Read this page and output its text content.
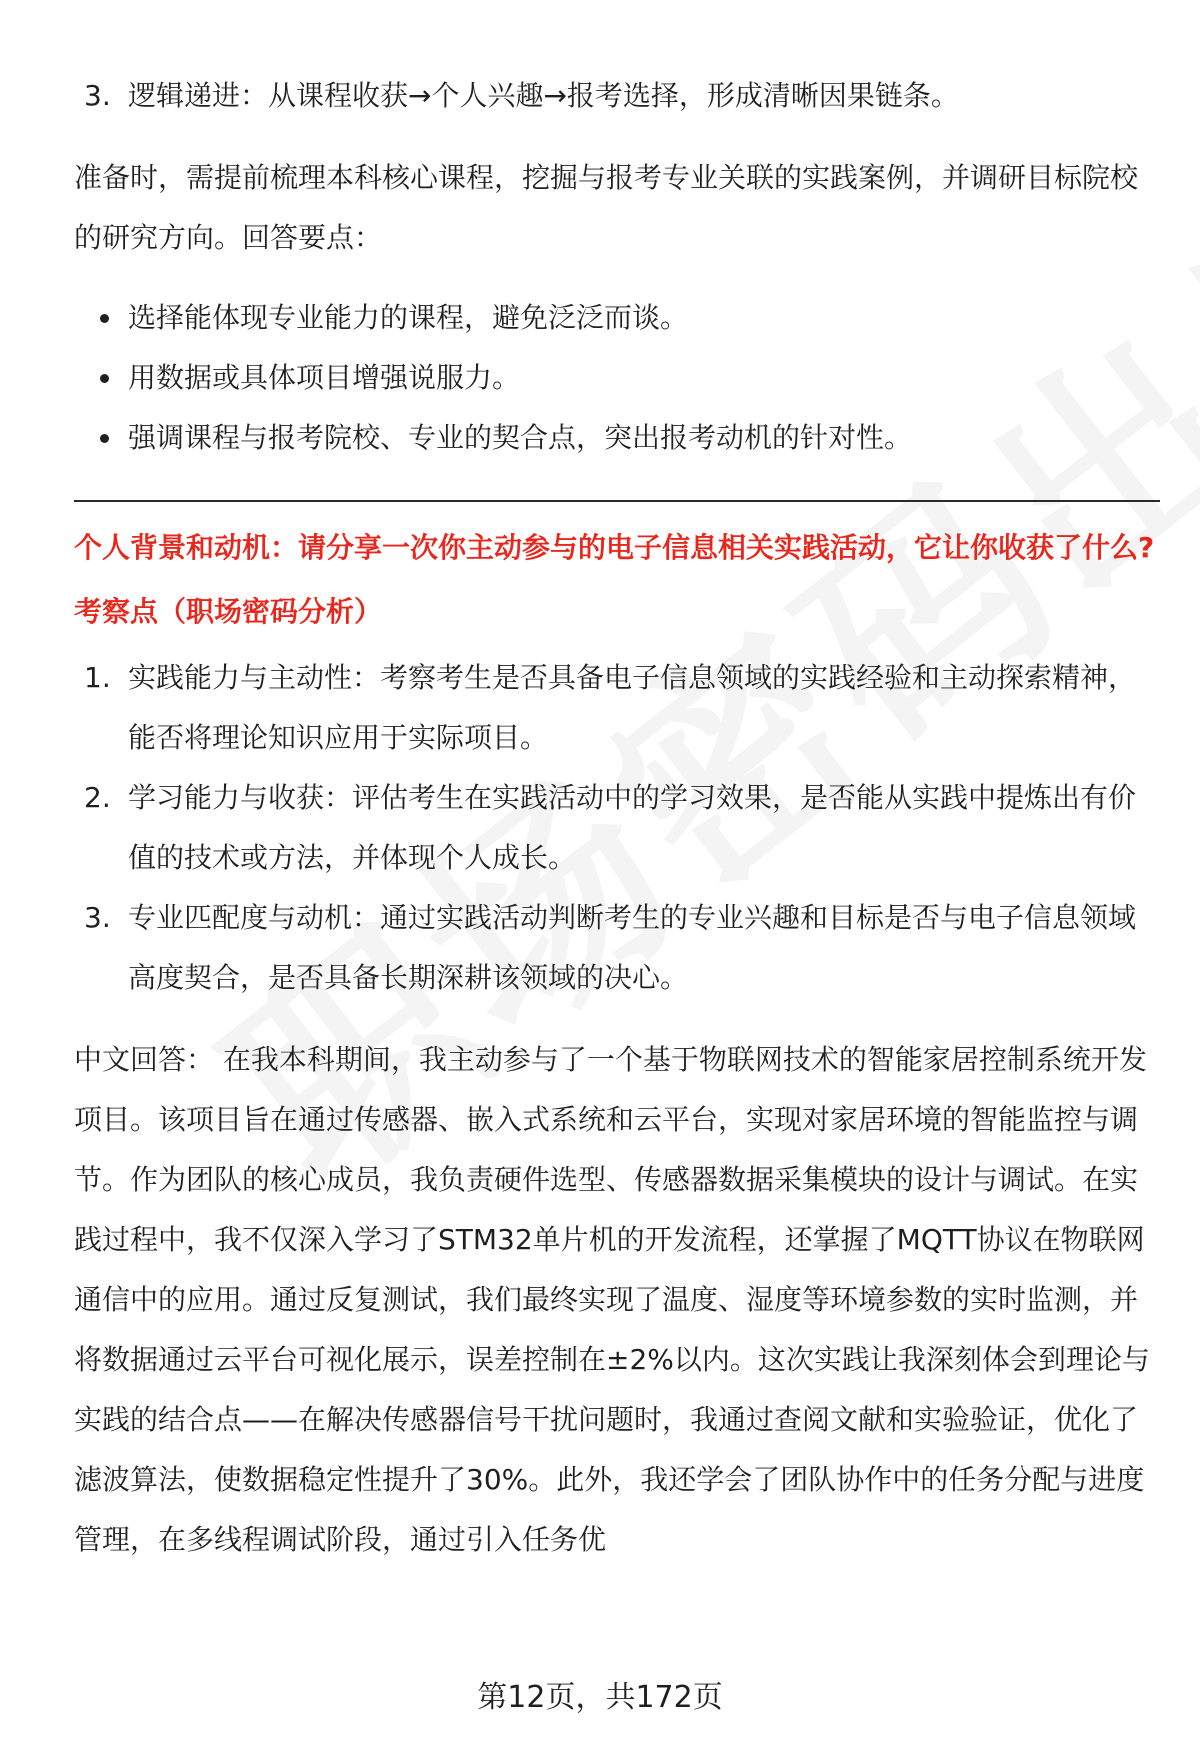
3. 逻辑递进：从课程收获→个人兴趣→报考选择，形成清晰因果链条。

准备时，需提前梳理本科核心课程，挖掘与报考专业关联的实践案例，并调研目标院校的研究方向。回答要点：

选择能体现专业能力的课程，避免泛泛而谈。
用数据或具体项目增强说服力。
强调课程与报考院校、专业的契合点，突出报考动机的针对性。

个人背景和动机：请分享一次你主动参与的电子信息相关实践活动，它让你收获了什么?

考察点（职场密码分析）

1. 实践能力与主动性：考察考生是否具备电子信息领域的实践经验和主动探索精神，能否将理论知识应用于实际项目。
2. 学习能力与收获：评估考生在实践活动中的学习效果，是否能从实践中提炼出有价值的技术或方法，并体现个人成长。
3. 专业匹配度与动机：通过实践活动判断考生的专业兴趣和目标是否与电子信息领域高度契合，是否具备长期深耕该领域的决心。

中文回答： 在我本科期间，我主动参与了一个基于物联网技术的智能家居控制系统开发项目。该项目旨在通过传感器、嵌入式系统和云平台，实现对家居环境的智能监控与调节。作为团队的核心成员，我负责硬件选型、传感器数据采集模块的设计与调试。在实践过程中，我不仅深入学习了STM32单片机的开发流程，还掌握了MQTT协议在物联网通信中的应用。通过反复测试，我们最终实现了温度、湿度等环境参数的实时监测，并将数据通过云平台可视化展示，误差控制在±2%以内。这次实践让我深刻体会到理论与实践的结合点——在解决传感器信号干扰问题时，我通过查阅文献和实验验证，优化了滤波算法，使数据稳定性提升了30%。此外，我还学会了团队协作中的任务分配与进度管理，在多线程调试阶段，通过引入任务优

第12页，共172页
